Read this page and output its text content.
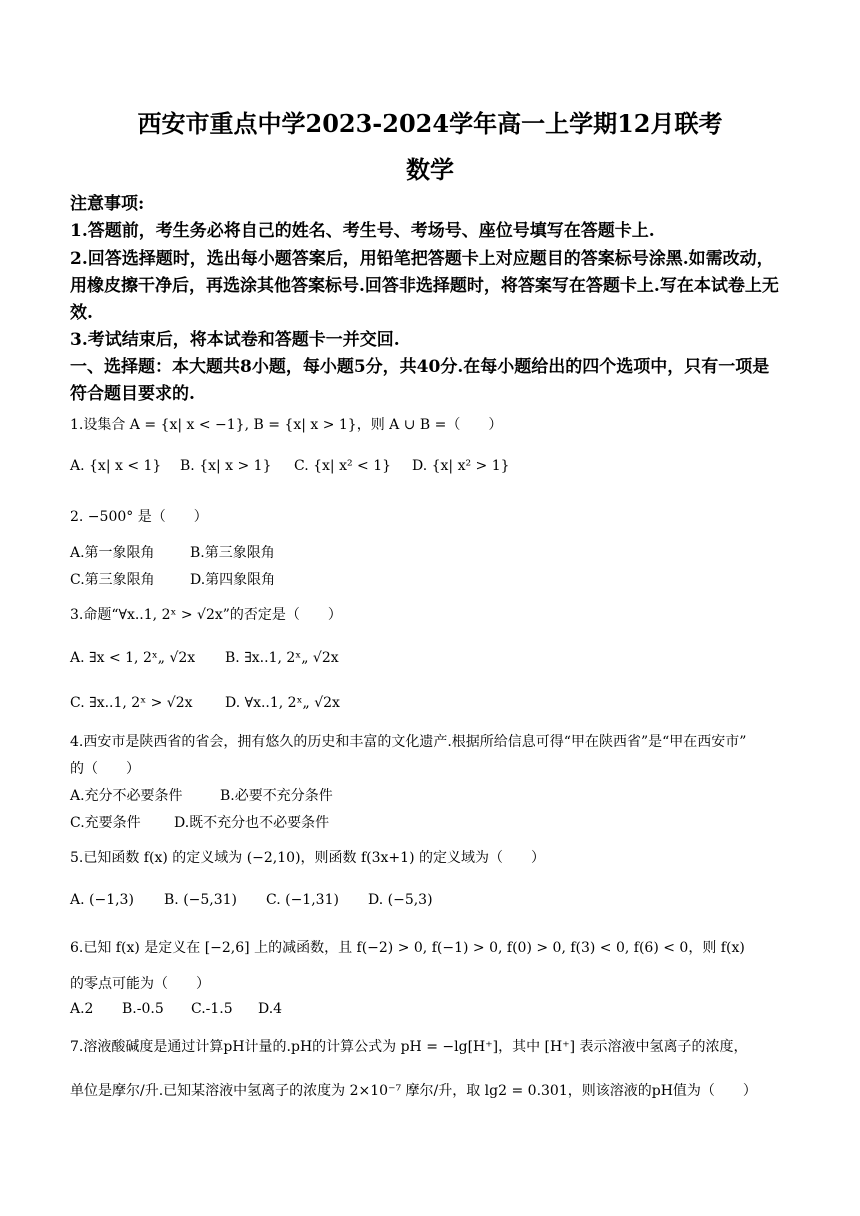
西安市重点中学2023-2024学年高一上学期12月联考
数学
注意事项:
1.答题前，考生务必将自己的姓名、考生号、考场号、座位号填写在答题卡上.
2.回答选择题时，选出每小题答案后，用铅笔把答题卡上对应题目的答案标号涂黑.如需改动，
用橡皮擦干净后，再选涂其他答案标号.回答非选择题时，将答案写在答题卡上.写在本试卷上无
效.
3.考试结束后，将本试卷和答题卡一并交回.
一、选择题：本大题共8小题，每小题5分，共40分.在每小题给出的四个选项中，只有一项是
符合题目要求的.
1.设集合 A = {x| x < −1}, B = {x| x > 1}，则 A ∪ B =（　　）
A. {x| x < 1} B. {x| x > 1} C. {x| x² < 1} D. {x| x² > 1}
2. −500° 是（　　）
A.第一象限角	B.第三象限角
C.第三象限角	D.第四象限角
3.命题“∀x..1, 2ˣ > √2x”的否定是（　　）
A. ∃x < 1, 2ˣ„ √2x B. ∃x..1, 2ˣ„ √2x
C. ∃x..1, 2ˣ > √2x D. ∀x..1, 2ˣ„ √2x
4.西安市是陕西省的省会，拥有悠久的历史和丰富的文化遗产.根据所给信息可得“甲在陕西省”是“甲在西安市”
的（　　）
A.充分不必要条件	B.必要不充分条件
C.充要条件 D.既不充分也不必要条件
5.已知函数 f(x) 的定义域为 (−2,10)，则函数 f(3x+1) 的定义域为（　　）
A. (−1,3) B. (−5,31) C. (−1,31) D. (−5,3)
6.已知 f(x) 是定义在 [−2,6] 上的减函数，且 f(−2) > 0, f(−1) > 0, f(0) > 0, f(3) < 0, f(6) < 0，则 f(x)
的零点可能为（　　）
A.2 B.-0.5 C.-1.5 D.4
7.溶液酸碱度是通过计算pH计量的.pH的计算公式为 pH = −lg[H⁺]，其中 [H⁺] 表示溶液中氢离子的浓度，
单位是摩尔/升.已知某溶液中氢离子的浓度为 2×10⁻⁷ 摩尔/升，取 lg2 = 0.301，则该溶液的pH值为（　　）
